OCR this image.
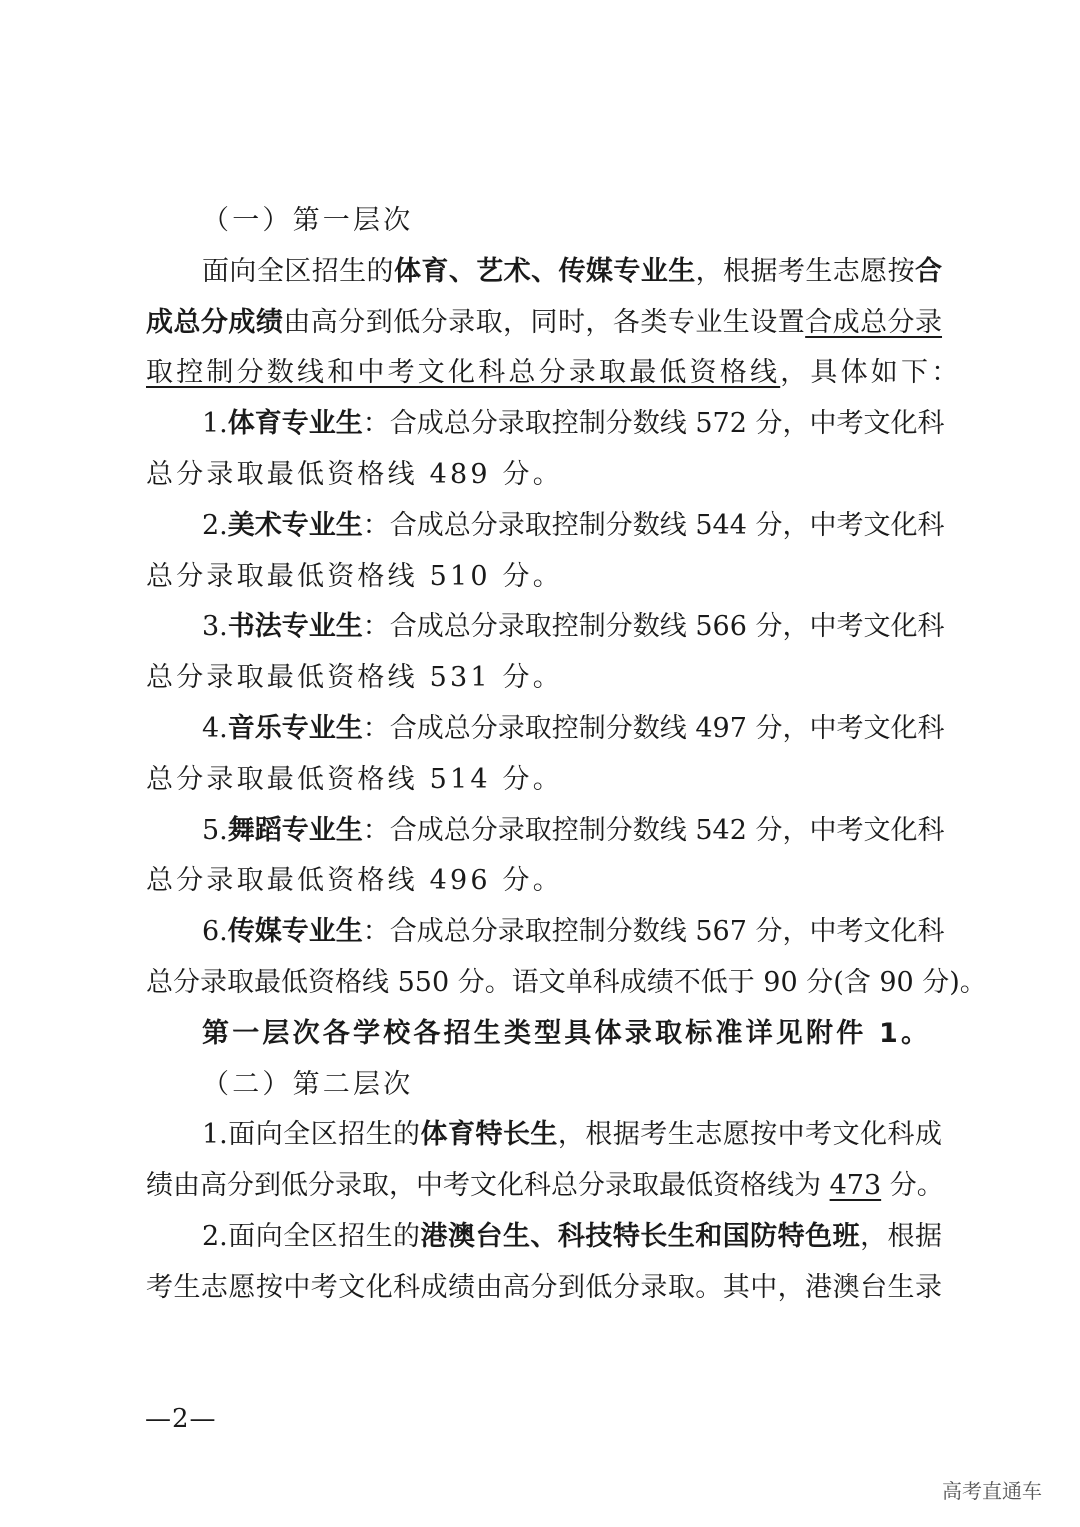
（一）第一层次
面向全区招生的体育、艺术、传媒专业生，根据考生志愿按合
成总分成绩由高分到低分录取，同时，各类专业生设置合成总分录
取控制分数线和中考文化科总分录取最低资格线，具体如下：
1.体育专业生：合成总分录取控制分数线 572 分，中考文化科
总分录取最低资格线 489 分。
2.美术专业生：合成总分录取控制分数线 544 分，中考文化科
总分录取最低资格线 510 分。
3.书法专业生：合成总分录取控制分数线 566 分，中考文化科
总分录取最低资格线 531 分。
4.音乐专业生：合成总分录取控制分数线 497 分，中考文化科
总分录取最低资格线 514 分。
5.舞蹈专业生：合成总分录取控制分数线 542 分，中考文化科
总分录取最低资格线 496 分。
6.传媒专业生：合成总分录取控制分数线 567 分，中考文化科
总分录取最低资格线 550 分。语文单科成绩不低于 90 分(含 90 分)。
第一层次各学校各招生类型具体录取标准详见附件 1。
（二）第二层次
1.面向全区招生的体育特长生，根据考生志愿按中考文化科成
绩由高分到低分录取，中考文化科总分录取最低资格线为 473 分。
2.面向全区招生的港澳台生、科技特长生和国防特色班，根据
考生志愿按中考文化科成绩由高分到低分录取。其中，港澳台生录
—2—
高考直通车
